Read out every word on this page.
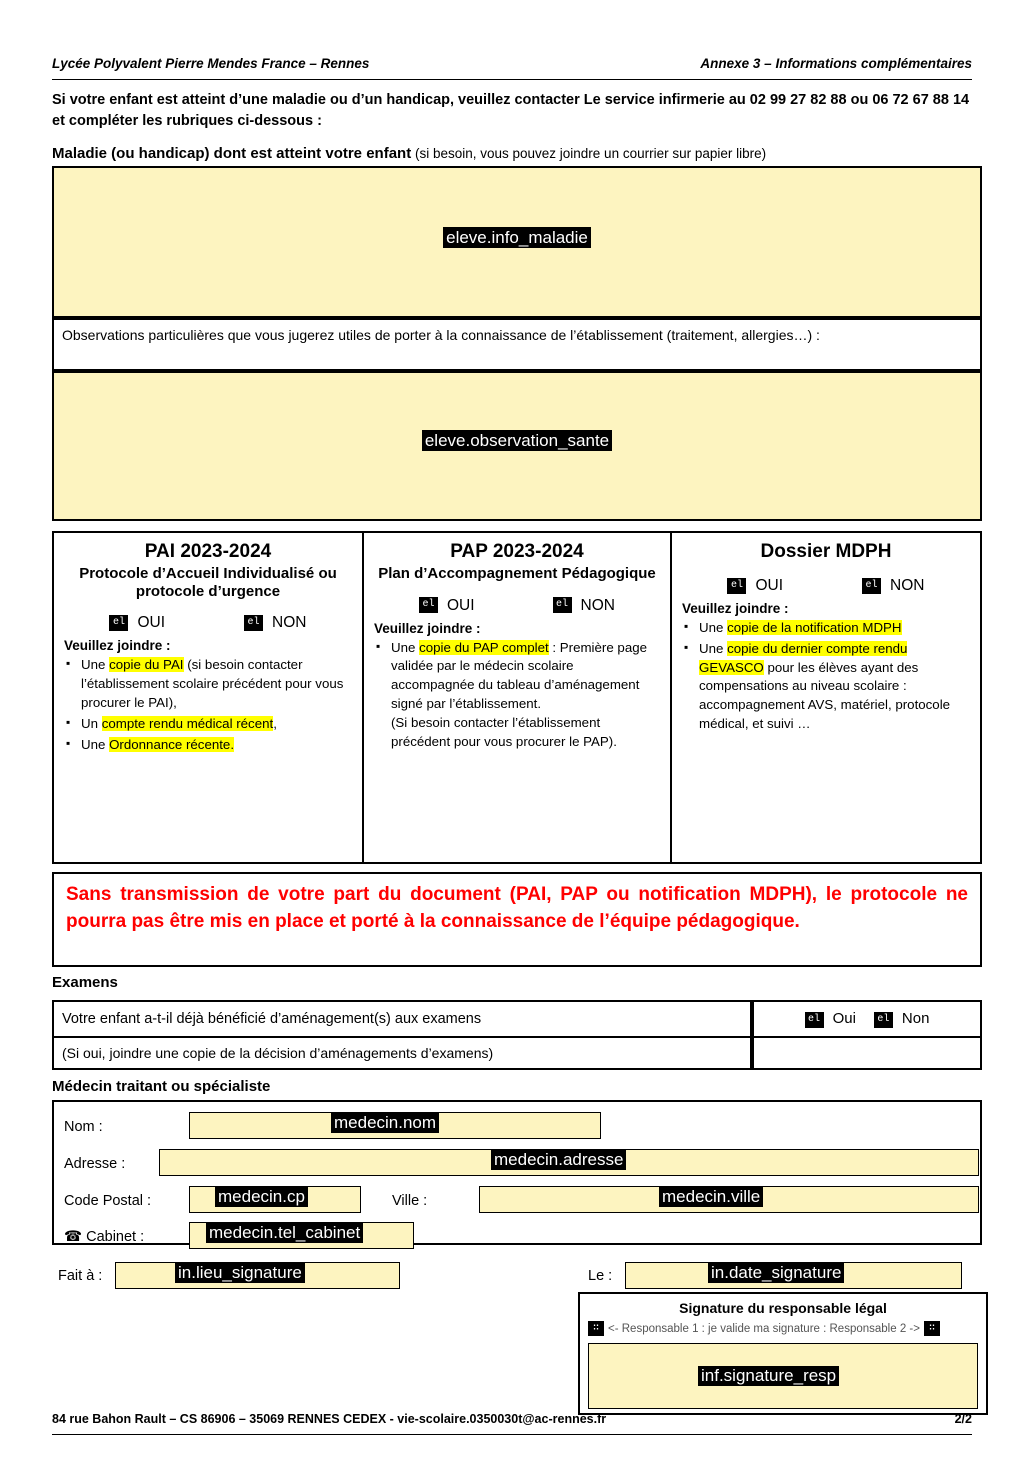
Lycée Polyvalent Pierre Mendes France – Rennes	Annexe 3 – Informations complémentaires
Si votre enfant est atteint d’une maladie ou d’un handicap, veuillez contacter Le service infirmerie au 02 99 27 82 88 ou 06 72 67 88 14 et compléter les rubriques ci-dessous :
Maladie (ou handicap) dont est atteint votre enfant (si besoin, vous pouvez joindre un courrier sur papier libre)
eleve.info_maladie
Observations particulières que vous jugerez utiles de porter à la connaissance de l’établissement (traitement, allergies…) :
eleve.observation_sante
PAI 2023-2024
Protocole d’Accueil Individualisé ou protocole d’urgence
el OUI	el NON
Veuillez joindre :
▪ Une copie du PAI (si besoin contacter l’établissement scolaire précédent pour vous procurer le PAI),
▪ Un compte rendu médical récent,
▪ Une Ordonnance récente.
PAP 2023-2024
Plan d’Accompagnement Pédagogique
el OUI	el NON
Veuillez joindre :
▪ Une copie du PAP complet : Première page validée par le médecin scolaire accompagnée du tableau d’aménagement signé par l’établissement.
(Si besoin contacter l’établissement précédent pour vous procurer le PAP).
Dossier MDPH
el OUI	el NON
Veuillez joindre :
▪ Une copie de la notification MDPH
▪ Une copie du dernier compte rendu GEVASCO pour les élèves ayant des compensations au niveau scolaire : accompagnement AVS, matériel, protocole médical, et suivi …
Sans transmission de votre part du document (PAI, PAP ou notification MDPH), le protocole ne pourra pas être mis en place et porté à la connaissance de l’équipe pédagogique.
Examens
Votre enfant a-t-il déjà bénéficié d’aménagement(s) aux examens	el Oui	el Non
(Si oui, joindre une copie de la décision d’aménagements d’examens)
Médecin traitant ou spécialiste
Nom :	medecin.nom
Adresse :	medecin.adresse
Code Postal :	medecin.cp	Ville :	medecin.ville
☎ Cabinet :	medecin.tel_cabinet
Fait à :	in.lieu_signature	Le :	in.date_signature
Signature du responsable légal
∷ <- Responsable 1 : je valide ma signature : Responsable 2 -> ∷
inf.signature_resp
84 rue Bahon Rault – CS 86906 – 35069 RENNES CEDEX - vie-scolaire.0350030t@ac-rennes.fr	2/2
